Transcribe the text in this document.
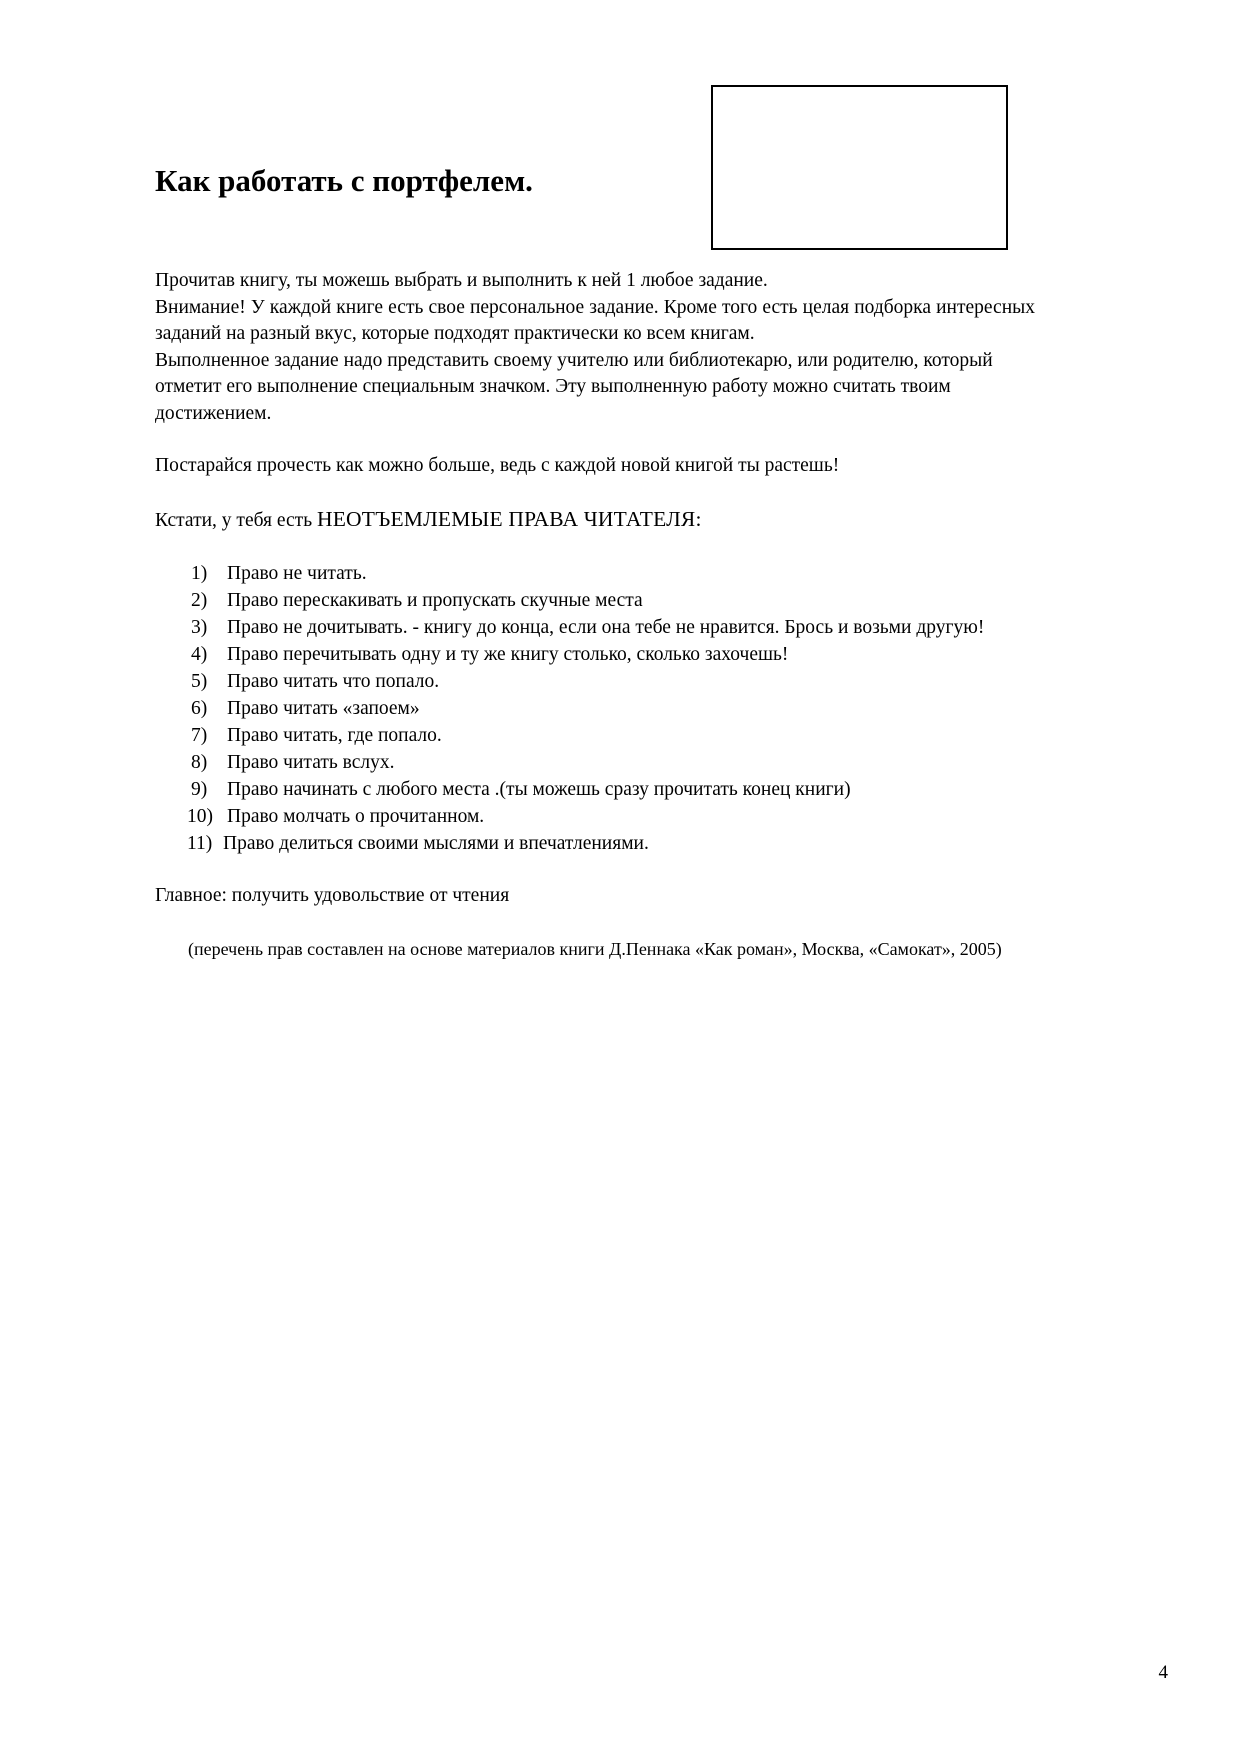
Как работать с портфелем.

Прочитав книгу, ты можешь выбрать и выполнить к ней 1 любое задание.

Внимание! У каждой книге есть свое персональное задание. Кроме того есть целая подборка интересных заданий на разный вкус, которые подходят практически ко всем книгам.

Выполненное задание надо представить своему учителю или библиотекарю, или родителю, который отметит его выполнение специальным значком. Эту выполненную работу можно считать твоим достижением.

Постарайся прочесть как можно больше, ведь с каждой новой книгой ты растешь!

Кстати, у тебя есть НЕОТЪЕМЛЕМЫЕ ПРАВА ЧИТАТЕЛЯ:

1)	Право не читать.
2)	Право перескакивать и пропускать скучные места
3)	Право не дочитывать. - книгу до конца, если она тебе не нравится. Брось и возьми другую!
4)	Право перечитывать одну и ту же книгу столько, сколько захочешь!
5)	Право читать что попало.
6)	Право читать «запоем»
7)	Право читать, где попало.
8)	Право читать вслух.
9)	Право начинать с любого места .(ты можешь сразу прочитать конец книги)
10) Право молчать о прочитанном.
11) Право делиться своими мыслями и впечатлениями.

Главное: получить удовольствие от чтения

(перечень прав составлен на основе материалов книги Д.Пеннака «Как роман», Москва, «Самокат», 2005)

4
